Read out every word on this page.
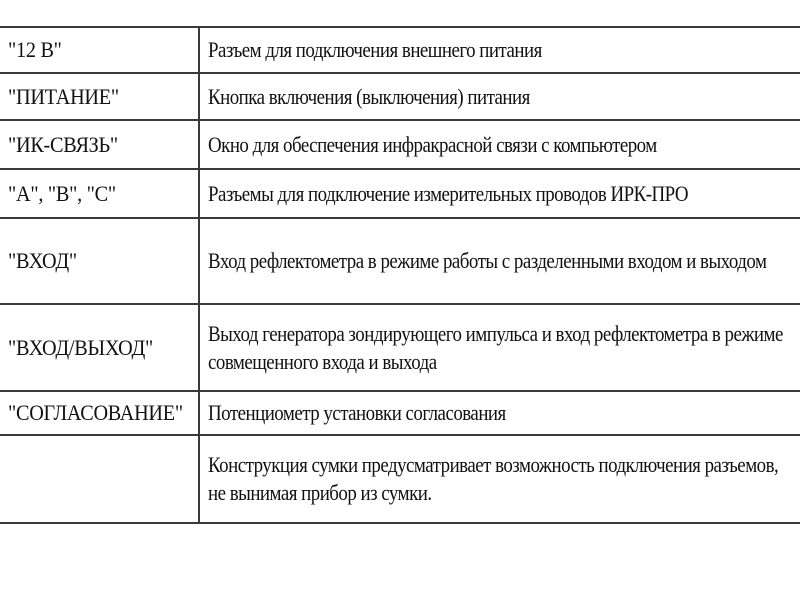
"12 В"	Разъем для подключения внешнего питания

"ПИТАНИЕ"	Кнопка включения (выключения) питания

"ИК-СВЯЗЬ"	Окно для обеспечения инфракрасной связи с компьютером

"А", "В", "С"	Разъемы для подключение измерительных проводов ИРК-ПРО

"ВХОД"	Вход рефлектометра в режиме работы с разделенными входом и выходом

"ВХОД/ВЫХОД"	Выход генератора зондирующего импульса и вход рефлектометра в режиме совмещенного входа и выхода

"СОГЛАСОВАНИЕ"	Потенциометр установки согласования

	Конструкция сумки предусматривает возможность подключения разъемов, не вынимая прибор из сумки.
